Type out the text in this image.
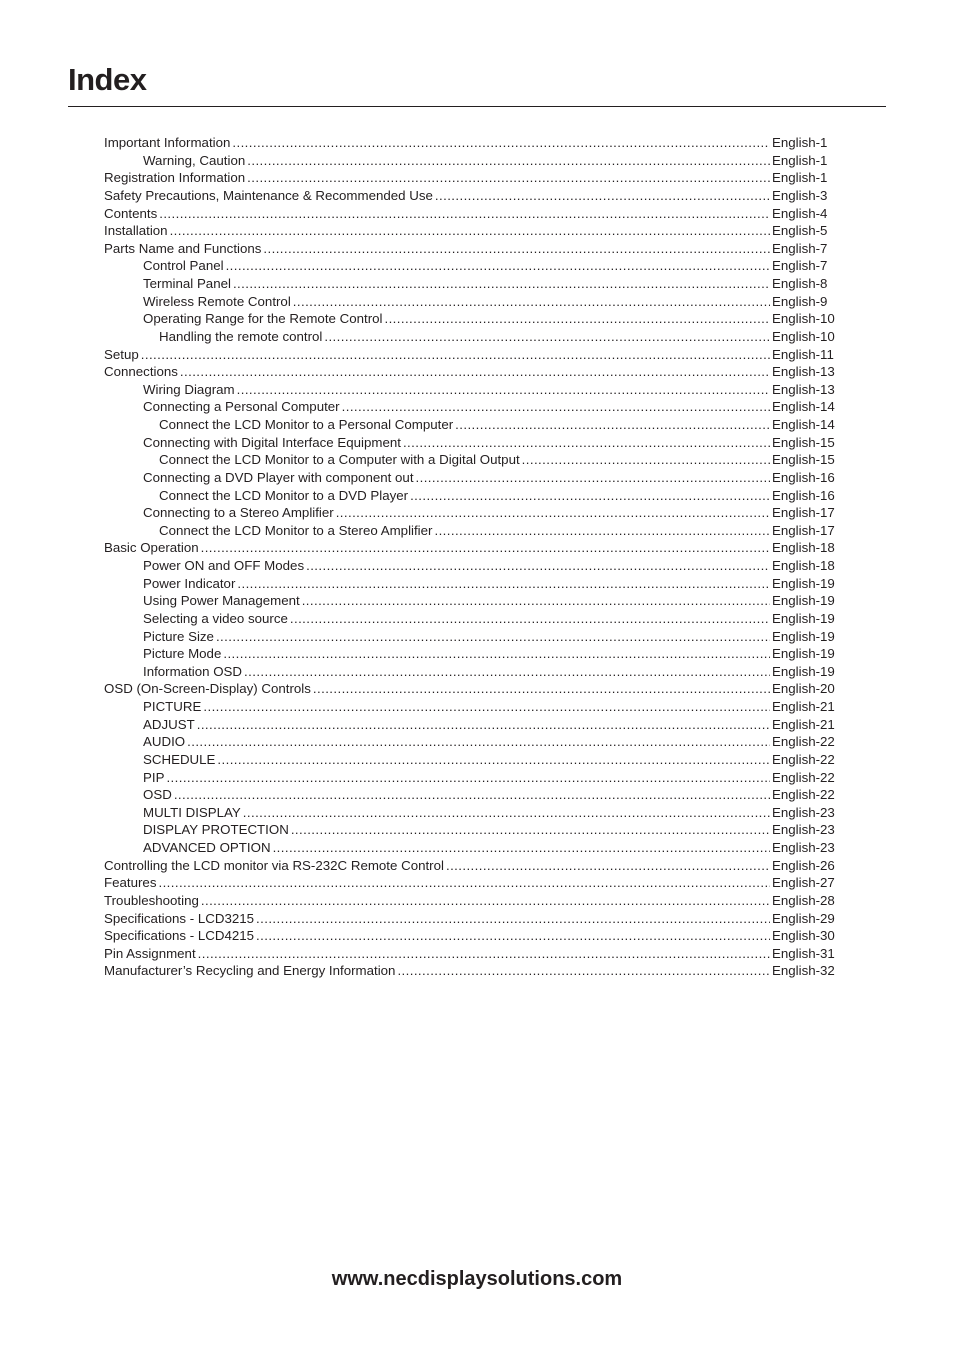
Index
Important Information .....	English-1
Warning, Caution .....	English-1
Registration Information .....	English-1
Safety Precautions, Maintenance & Recommended Use .....	English-3
Contents .....	English-4
Installation .....	English-5
Parts Name and Functions .....	English-7
Control Panel .....	English-7
Terminal Panel .....	English-8
Wireless Remote Control .....	English-9
Operating Range for the Remote Control .....	English-10
Handling the remote control .....	English-10
Setup .....	English-11
Connections .....	English-13
Wiring Diagram .....	English-13
Connecting a Personal Computer .....	English-14
Connect the LCD Monitor to a Personal Computer .....	English-14
Connecting with Digital Interface Equipment .....	English-15
Connect the LCD Monitor to a Computer with a Digital Output .....	English-15
Connecting a DVD Player with component out .....	English-16
Connect the LCD Monitor to a DVD Player .....	English-16
Connecting to a Stereo Amplifier .....	English-17
Connect the LCD Monitor to a Stereo Amplifier .....	English-17
Basic Operation .....	English-18
Power ON and OFF Modes .....	English-18
Power Indicator .....	English-19
Using Power Management .....	English-19
Selecting a video source .....	English-19
Picture Size .....	English-19
Picture Mode .....	English-19
Information OSD .....	English-19
OSD (On-Screen-Display) Controls .....	English-20
PICTURE .....	English-21
ADJUST .....	English-21
AUDIO .....	English-22
SCHEDULE .....	English-22
PIP .....	English-22
OSD .....	English-22
MULTI DISPLAY .....	English-23
DISPLAY PROTECTION .....	English-23
ADVANCED OPTION .....	English-23
Controlling the LCD monitor via RS-232C Remote Control .....	English-26
Features .....	English-27
Troubleshooting .....	English-28
Specifications - LCD3215 .....	English-29
Specifications - LCD4215 .....	English-30
Pin Assignment .....	English-31
Manufacturer’s Recycling and Energy Information .....	English-32
www.necdisplaysolutions.com
